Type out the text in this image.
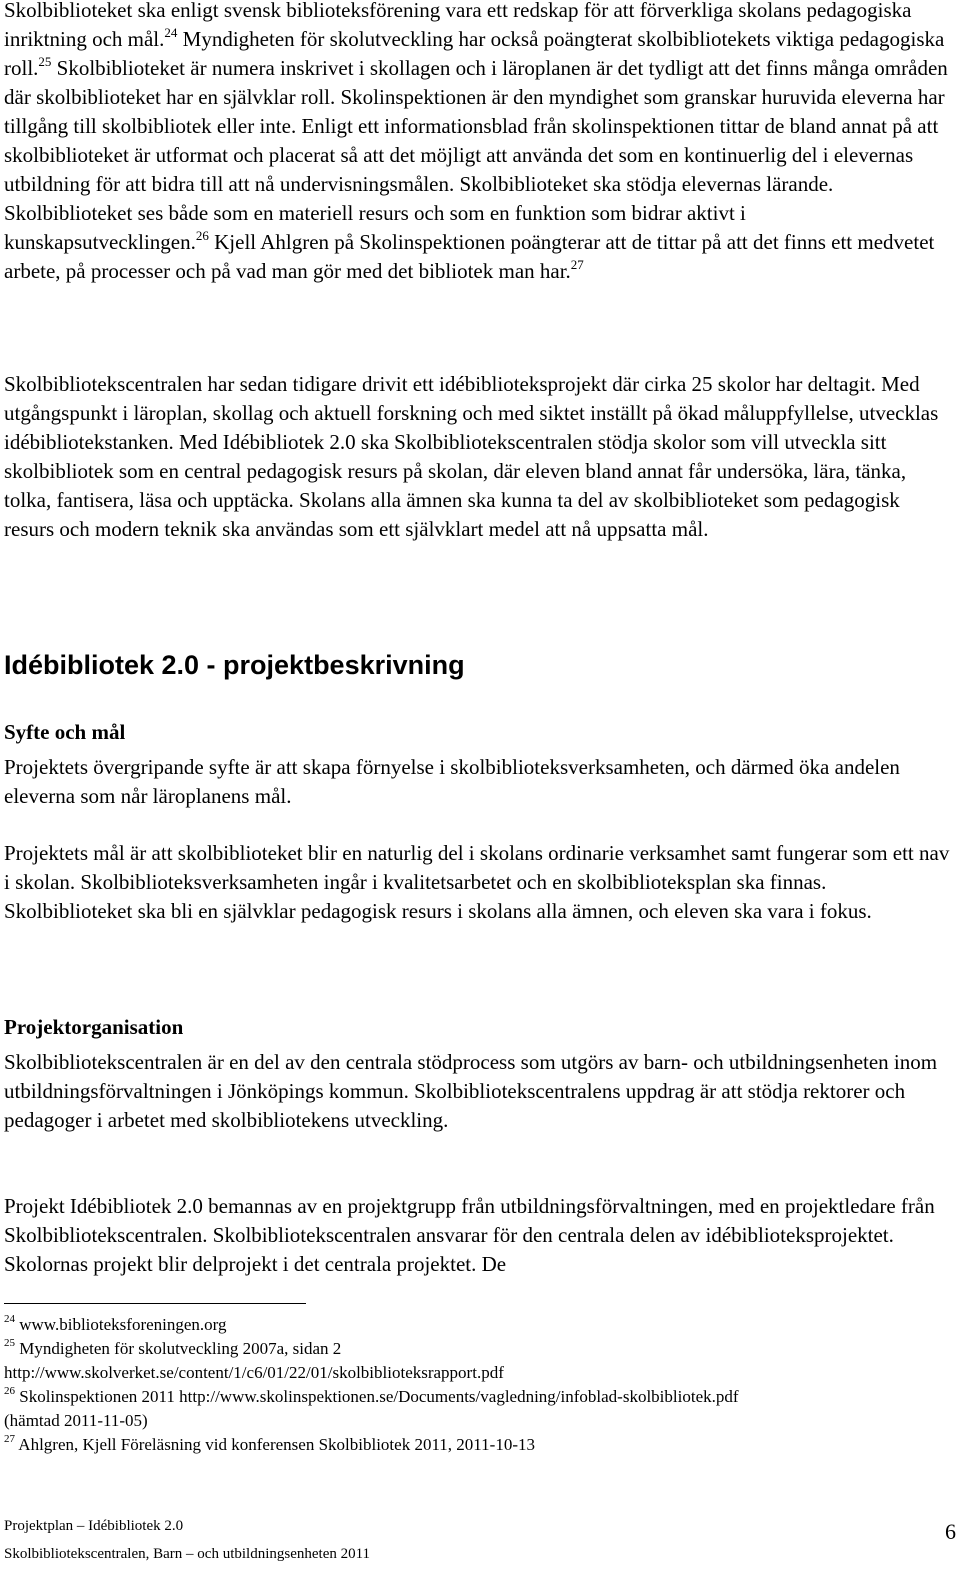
Skolbiblioteket ska enligt svensk biblioteksförening vara ett redskap för att förverkliga skolans pedagogiska inriktning och mål.$^{24}$ Myndigheten för skolutveckling har också poängterat skolbibliotekets viktiga pedagogiska roll.$^{25}$ Skolbiblioteket är numera inskrivet i skollagen och i läroplanen är det tydligt att det finns många områden där skolbiblioteket har en självklar roll. Skolinspektionen är den myndighet som granskar huruvida eleverna har tillgång till skolbibliotek eller inte. Enligt ett informationsblad från skolinspektionen tittar de bland annat på att skolbiblioteket är utformat och placerat så att det möjligt att använda det som en kontinuerlig del i elevernas utbildning för att bidra till att nå undervisningsmålen. Skolbiblioteket ska stödja elevernas lärande. Skolbiblioteket ses både som en materiell resurs och som en funktion som bidrar aktivt i kunskapsutvecklingen.$^{26}$ Kjell Ahlgren på Skolinspektionen poängterar att de tittar på att det finns ett medvetet arbete, på processer och på vad man gör med det bibliotek man har.$^{27}$

Skolbibliotekscentralen har sedan tidigare drivit ett idébiblioteksprojekt där cirka 25 skolor har deltagit. Med utgångspunkt i läroplan, skollag och aktuell forskning och med siktet inställt på ökad måluppfyllelse, utvecklas idébibliotekstanken. Med Idébibliotek 2.0 ska Skolbibliotekscentralen stödja skolor som vill utveckla sitt skolbibliotek som en central pedagogisk resurs på skolan, där eleven bland annat får undersöka, lära, tänka, tolka, fantisera, läsa och upptäcka. Skolans alla ämnen ska kunna ta del av skolbiblioteket som pedagogisk resurs och modern teknik ska användas som ett självklart medel att nå uppsatta mål.

Idébibliotek 2.0 - projektbeskrivning
Syfte och mål

Projektets övergripande syfte är att skapa förnyelse i skolbiblioteksverksamheten, och därmed öka andelen eleverna som når läroplanens mål.

Projektets mål är att skolbiblioteket blir en naturlig del i skolans ordinarie verksamhet samt fungerar som ett nav i skolan. Skolbiblioteksverksamheten ingår i kvalitetsarbetet och en skolbiblioteksplan ska finnas. Skolbiblioteket ska bli en självklar pedagogisk resurs i skolans alla ämnen, och eleven ska vara i fokus.

Projektorganisation

Skolbibliotekscentralen är en del av den centrala stödprocess som utgörs av barn- och utbildningsenheten inom utbildningsförvaltningen i Jönköpings kommun. Skolbibliotekscentralens uppdrag är att stödja rektorer och pedagoger i arbetet med skolbibliotekens utveckling.

Projekt Idébibliotek 2.0 bemannas av en projektgrupp från utbildningsförvaltningen, med en projektledare från Skolbibliotekscentralen. Skolbibliotekscentralen ansvarar för den centrala delen av idébiblioteksprojektet. Skolornas projekt blir delprojekt i det centrala projektet. De

$^{24}$ www.biblioteksforeningen.org

$^{25}$ Myndigheten för skolutveckling 2007a, sidan 2

http://www.skolverket.se/content/1/c6/01/22/01/skolbiblioteksrapport.pdf

$^{26}$ Skolinspektionen 2011 http://www.skolinspektionen.se/Documents/vagledning/infoblad-skolbibliotek.pdf

(hämtad 2011-11-05)

$^{27}$ Ahlgren, Kjell Föreläsning vid konferensen Skolbibliotek 2011, 2011-10-13

Projektplan – Idébibliotek 2.0

Skolbibliotekscentralen, Barn – och utbildningsenheten 2011

6
